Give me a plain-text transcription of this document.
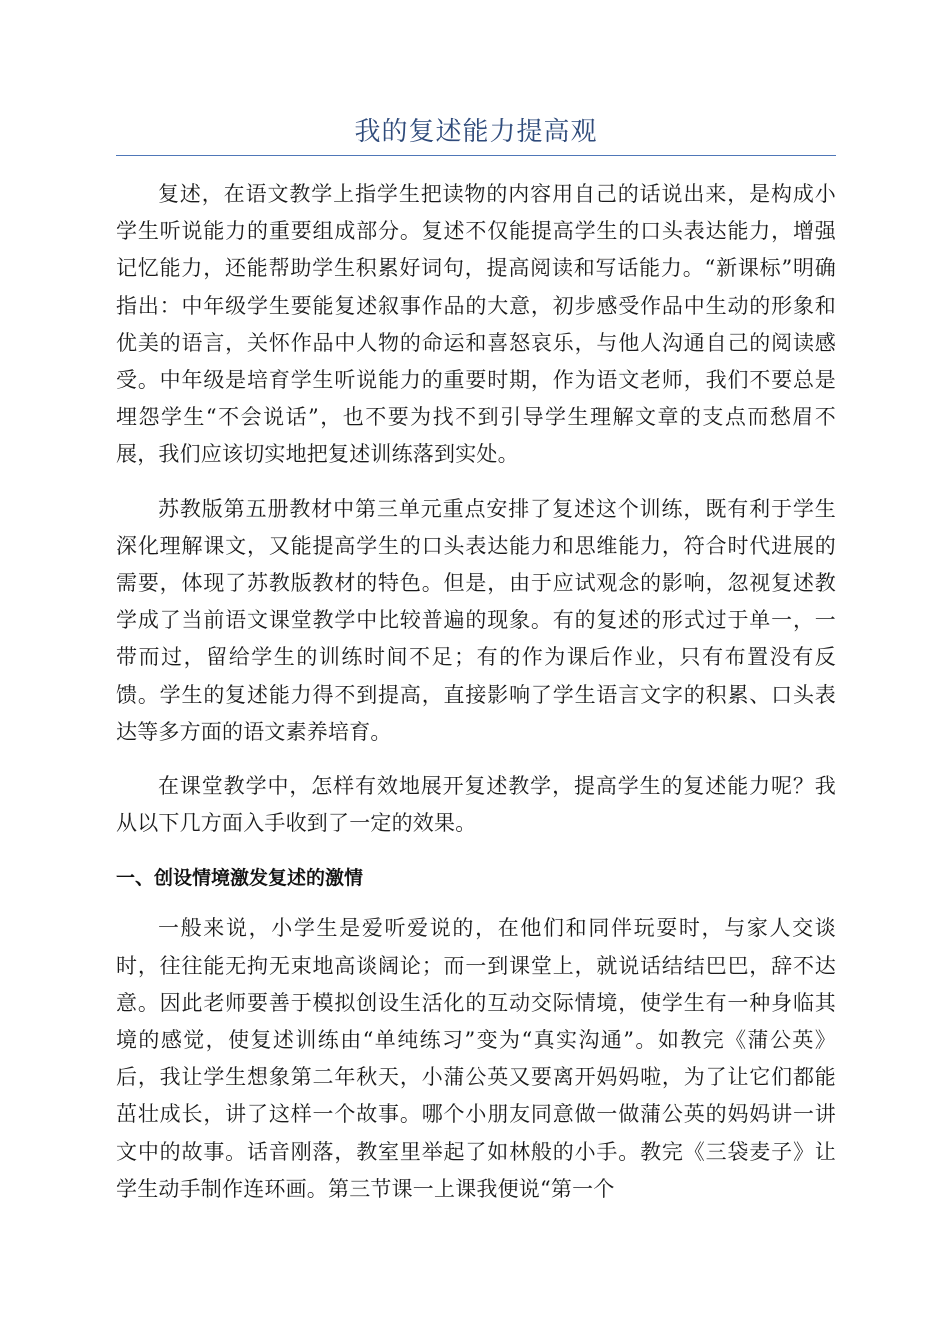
我的复述能力提高观

复述，在语文教学上指学生把读物的内容用自己的话说出来，是构成小学生听说能力的重要组成部分。复述不仅能提高学生的口头表达能力，增强记忆能力，还能帮助学生积累好词句，提高阅读和写话能力。“新课标”明确指出：中年级学生要能复述叙事作品的大意，初步感受作品中生动的形象和优美的语言，关怀作品中人物的命运和喜怒哀乐，与他人沟通自己的阅读感受。中年级是培育学生听说能力的重要时期，作为语文老师，我们不要总是埋怨学生“不会说话”，也不要为找不到引导学生理解文章的支点而愁眉不展，我们应该切实地把复述训练落到实处。

苏教版第五册教材中第三单元重点安排了复述这个训练，既有利于学生深化理解课文，又能提高学生的口头表达能力和思维能力，符合时代进展的需要，体现了苏教版教材的特色。但是，由于应试观念的影响，忽视复述教学成了当前语文课堂教学中比较普遍的现象。有的复述的形式过于单一，一带而过，留给学生的训练时间不足；有的作为课后作业，只有布置没有反馈。学生的复述能力得不到提高，直接影响了学生语言文字的积累、口头表达等多方面的语文素养培育。

在课堂教学中，怎样有效地展开复述教学，提高学生的复述能力呢？我从以下几方面入手收到了一定的效果。

一、创设情境激发复述的激情

一般来说，小学生是爱听爱说的，在他们和同伴玩耍时，与家人交谈时，往往能无拘无束地高谈阔论；而一到课堂上，就说话结结巴巴，辞不达意。因此老师要善于模拟创设生活化的互动交际情境，使学生有一种身临其境的感觉，使复述训练由“单纯练习”变为“真实沟通”。如教完《蒲公英》后，我让学生想象第二年秋天，小蒲公英又要离开妈妈啦，为了让它们都能茁壮成长，讲了这样一个故事。哪个小朋友同意做一做蒲公英的妈妈讲一讲文中的故事。话音刚落，教室里举起了如林般的小手。教完《三袋麦子》让学生动手制作连环画。第三节课一上课我便说“第一个
